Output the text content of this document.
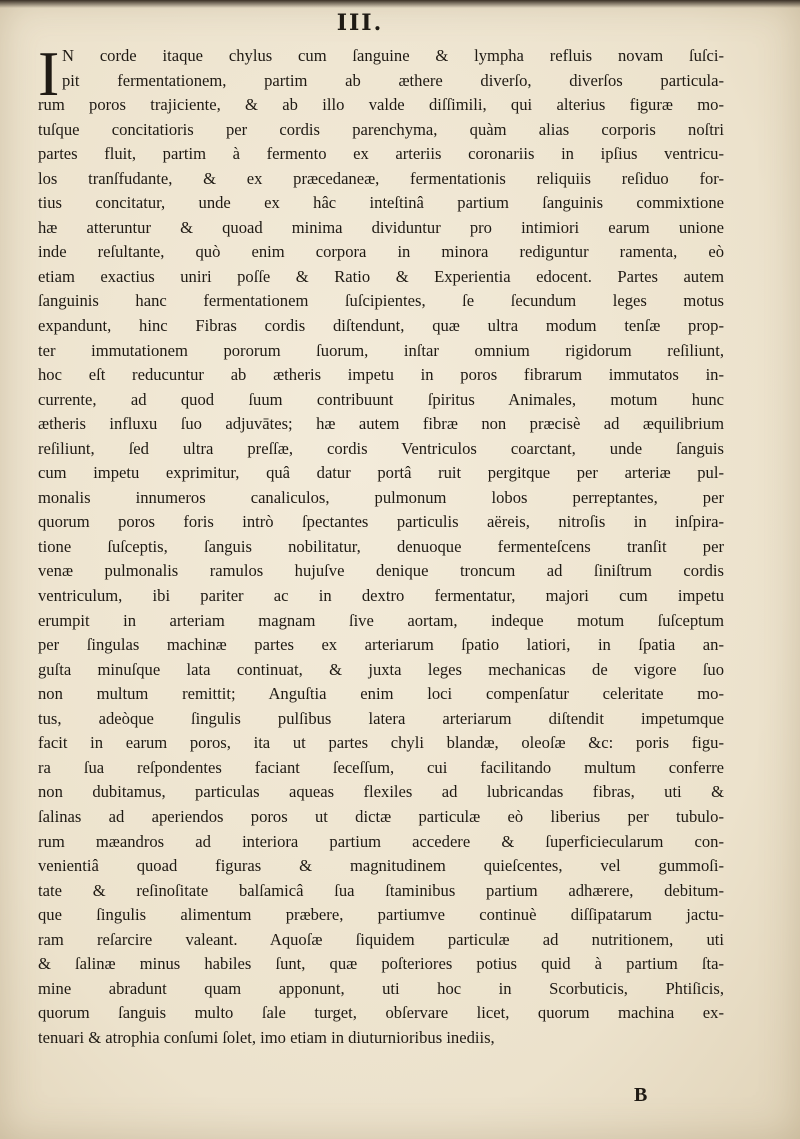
III.
I N corde itaque chylus cum ſanguine & lympha refluis novam ſuſci-
pit fermentationem, partim ab æthere diverſo, diverſos particula-
rum poros trajiciente, & ab illo valde diſſimili, qui alterius figuræ mo-
tuſque concitatioris per cordis parenchyma, quàm alias corporis noſtri
partes fluit, partim à fermento ex arteriis coronariis in ipſius ventricu-
los tranſfudante, & ex præcedaneæ, fermentationis reliquiis reſiduo for-
tius concitatur, unde ex hâc inteſtinâ partium ſanguinis commixtione
hæ atteruntur & quoad minima dividuntur pro intimiori earum unione
inde reſultante, quò enim corpora in minora rediguntur ramenta, eò
etiam exactius uniri poſſe & Ratio & Experientia edocent. Partes autem
ſanguinis hanc fermentationem ſuſcipientes, ſe ſecundum leges motus
expandunt, hinc Fibras cordis diſtendunt, quæ ultra modum tenſæ prop-
ter immutationem pororum ſuorum, inſtar omnium rigidorum reſiliunt,
hoc eſt reducuntur ab ætheris impetu in poros fibrarum immutatos in-
currente, ad quod ſuum contribuunt ſpiritus Animales, motum hunc
ætheris influxu ſuo adjuvātes; hæ autem fibræ non præcisè ad æquilibrium
reſiliunt, ſed ultra preſſæ, cordis Ventriculos coarctant, unde ſanguis
cum impetu exprimitur, quâ datur portâ ruit pergitque per arteriæ pul-
monalis innumeros canaliculos, pulmonum lobos perreptantes, per
quorum poros foris intrò ſpectantes particulis aëreis, nitroſis in inſpira-
tione ſuſceptis, ſanguis nobilitatur, denuoque fermenteſcens tranſit per
venæ pulmonalis ramulos hujuſve denique troncum ad ſiniſtrum cordis
ventriculum, ibi pariter ac in dextro fermentatur, majori cum impetu
erumpit in arteriam magnam ſive aortam, indeque motum ſuſceptum
per ſingulas machinæ partes ex arteriarum ſpatio latiori, in ſpatia an-
guſta minuſque lata continuat, & juxta leges mechanicas de vigore ſuo
non multum remittit; Anguſtia enim loci compenſatur celeritate mo-
tus, adeòque ſingulis pulſibus latera arteriarum diſtendit impetumque
facit in earum poros, ita ut partes chyli blandæ, oleoſæ &c: poris figu-
ra ſua reſpondentes faciant ſeceſſum, cui facilitando multum conferre
non dubitamus, particulas aqueas flexiles ad lubricandas fibras, uti &
ſalinas ad aperiendos poros ut dictæ particulæ eò liberius per tubulo-
rum mæandros ad interiora partium accedere & ſuperficiecularum con-
venientiâ quoad figuras & magnitudinem quieſcentes, vel gummoſi-
tate & reſinoſitate balſamicâ ſua ſtaminibus partium adhærere, debitum-
que ſingulis alimentum præbere, partiumve continuè diſſipatarum jactu-
ram reſarcire valeant. Aquoſæ ſiquidem particulæ ad nutritionem, uti
& ſalinæ minus habiles ſunt, quæ poſteriores potius quid à partium ſta-
mine abradunt quam apponunt, uti hoc in Scorbuticis, Phtiſicis,
quorum ſanguis multo ſale turget, obſervare licet, quorum machina ex-
tenuari & atrophia conſumi ſolet, imo etiam in diuturnioribus inediis,
B
